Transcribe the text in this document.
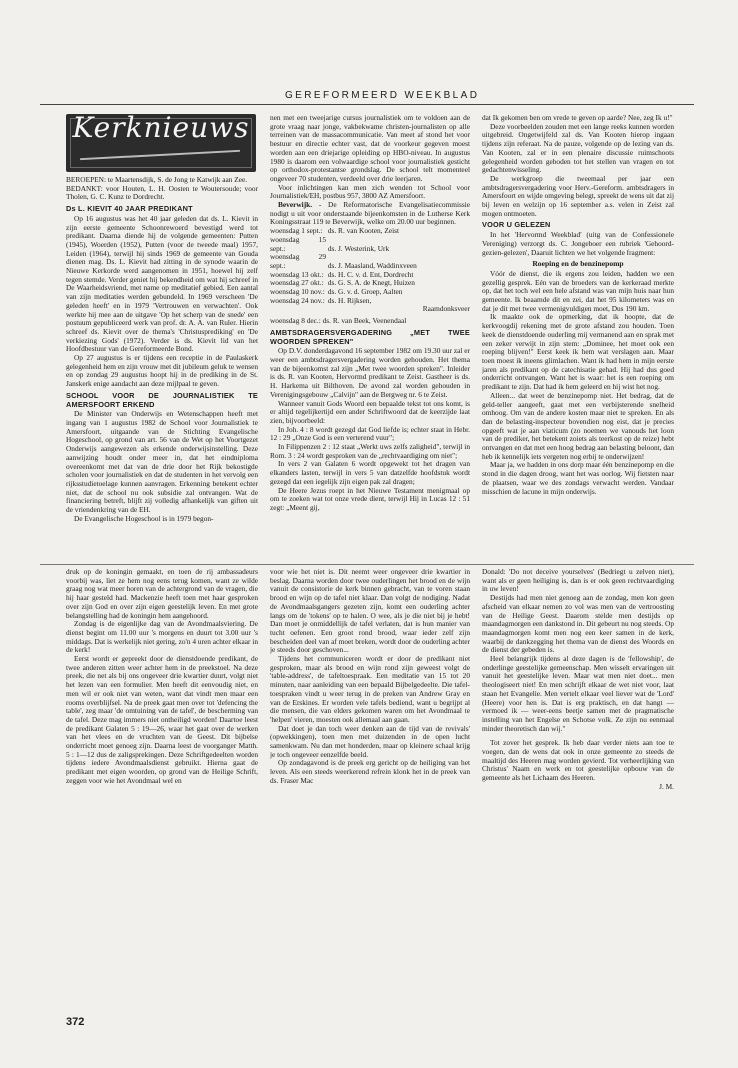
GEREFORMEERD WEEKBLAD
Kerknieuws

BEROEPEN: te Maartensdijk, S. de Jong te Katwijk aan Zee.

BEDANKT: voor Houten, L. H. Oosten te Woutersoude; voor Tholen, G. C. Kunz te Dordrecht.

Ds L. KIEVIT 40 JAAR PREDIKANT

Op 16 augustus was het 40 jaar geleden dat ds. L. Kievit in zijn eerste gemeente Schoonrewoerd bevestigd werd tot predikant. Daarna diende hij de volgende gemeenten: Putten (1945), Woerden (1952), Putten (voor de tweede maal) 1957, Leiden (1964), terwijl hij sinds 1969 de gemeente van Gouda dienen mag. Ds. L. Kievit had zitting in de synode waarin de Nieuwe Kerkorde werd aangenomen in 1951, hoewel hij zelf tegen stemde. Verder geniet hij bekendheid om wat hij schreef in De Waarheidsvriend, met name op meditatief gebied. Een aantal van zijn meditaties werden gebundeld. In 1969 verscheen 'De geleden heeft' en in 1979 'Vertrouwen en verwachten'. Ook werkte hij mee aan de uitgave 'Op het scherp van de snede' een postuum gepubliceerd werk van prof. dr. A. A. van Ruler. Hierin schreef ds. Kievit over de thema's 'Christusprediking' en 'De verkiezing Gods' (1972). Verder is ds. Kievit lid van het Hoofdbestuur van de Gereformeerde Bond.

Op 27 augustus is er tijdens een receptie in de Paulaskerk gelegenheid hem en zijn vrouw met dit jubileum geluk te wensen en op zondag 29 augustus hoopt hij in de prediking in de St. Janskerk enige aandacht aan deze mijlpaal te geven.

SCHOOL VOOR DE JOURNALISTIEK TE AMERSFOORT ERKEND

De Minister van Onderwijs en Wetenschappen heeft met ingang van 1 augustus 1982 de School voor Journalistiek te Amersfoort, uitgaande van de Stichting Evangelische Hogeschool, op grond van art. 56 van de Wet op het Voortgezet Onderwijs aangewezen als erkende onderwijsinstelling. Deze aanwijzing houdt onder meer in, dat het eindniploma overeenkomt met dat van de drie door het Rijk bekostigde scholen voor journalistiek en dat de studenten in het vervolg een rijksstudietoelage kunnen aanvragen. Erkenning betekent echter niet, dat de school nu ook subsidie zal ontvangen. Wat de financiering betreft, blijft zij volledig afhankelijk van giften uit de vriendenkring van de EH.

De Evangelische Hogeschool is in 1979 begon-

nen met een tweejarige cursus journalistiek om te voldoen aan de grote vraag naar jonge, vakbekwame christen-journalisten op alle terreinen van de massacommunicatie. Van meet af stond het voor bestuur en directie echter vast, dat de voorkeur gegeven moest worden aan een driejarige opleiding op HBO-niveau. In augustus 1980 is daarom een volwaardige school voor journalistiek gesticht op orthodox-protestantse grondslag. De school telt momenteel ongeveer 70 studenten, verdeeld over drie leerjaren.

Voor inlichtingen kan men zich wenden tot School voor Journalistiek/EH, postbus 957, 3800 AZ Amersfoort.

Beverwijk. - De Reformatorische Evangelisatiecommissie nodigt u uit voor onderstaande bijeenkomsten in de Lutherse Kerk Koningsstraat 119 te Beverwijk, welke om 20.00 uur beginnen.

woensdag 1 sept.: ds. R. van Kooten, Zeist
woensdag 15 sept.:	ds. J. Westerink, Urk
woensdag 29 sept.:	ds. J. Maasland, Waddinxveen
woensdag 13 okt.: ds. H. C. v. d. Ent, Dordrecht
woensdag 27 okt.: ds. G. S. A. de Knegt, Huizen
woensdag 10 nov.: ds. G. v. d. Groep, Aalten
woensdag 24 nov.: ds. H. Rijksen,
Raamdonksveer
woensdag 8 dec.: ds. R. van Beek, Veenendaal
AMBTSDRAGERSVERGADERING „MET TWEE WOORDEN SPREKEN"

Op D.V. donderdagavond 16 september 1982 om 19.30 uur zal er weer een ambtsdragersvergadering worden gehouden. Het thema van de bijeenkomst zal zijn „Met twee woorden spreken". Inleider is ds. R. van Kooten, Hervormd predikant te Zeist. Gastheer is ds. H. Harkema uit Bilthoven. De avond zal worden gehouden in Verenigingsgebouw „Calvijn" aan de Bergweg nr. 6 te Zeist.

Wanneer vanuit Gods Woord een bepaalde tekst tot ons komt, is er altijd tegelijkertijd een ander Schriftwoord dat de keerzijde laat zien, bijvoorbeeld:

In Joh. 4 : 8 wordt gezegd dat God liefde is; echter staat in Hebr. 12 : 29 „Onze God is een verterend vuur";

In Filippenzen 2 : 12 staat „Werkt uws zelfs zaligheid", terwijl in Rom. 3 : 24 wordt gesproken van de „rechtvaardiging om niet";

In vers 2 van Galaten 6 wordt opgewekt tot het dragen van elkanders lasten, terwijl in vers 5 van datzelfde hoofdstuk wordt gezegd dat een iegelijk zijn eigen pak zal dragen;

De Heere Jezus roept in het Nieuwe Testament menigmaal op om te zoeken wat tot onze vrede dient, terwijl Hij in Lucas 12 : 51 zegt: „Meent gij,

dat Ik gekomen ben om vrede te geven op aarde? Nee, zeg Ik u!"

Deze voorbeelden zouden met een lange reeks kunnen worden uitgebreid. Ongetwijfeld zal ds. Van Kooten hierop ingaan tijdens zijn referaat. Na de pauze, volgende op de lezing van ds. Van Kooten, zal er in een plenaire discussie ruimschoots gelegenheid worden geboden tot het stellen van vragen en tot gedachtenwisseling.

De werkgroep die tweemaal per jaar een ambtsdragersvergadering voor Herv.-Gereform. ambtsdragers in Amersfoort en wijde omgeving belegt, spreekt de wens uit dat zij bij leven en welzijn op 16 september a.s. velen in Zeist zal mogen ontmoeten.

VOOR U GELEZEN

In het 'Hervormd Weekblad' (uitg van de Confessionele Vereniging) verzorgt ds. C. Jongeboer een rubriek 'Gehoord-gezien-gelezen', Daaruit lichten we het volgende fragment:

Roeping en de benzinepomp

Vóór de dienst, die ik ergens zou leiden, hadden we een gezellig gesprek. Eén van de broeders van de kerkeraad merkte op, dat het toch wel een hele afstand was van mijn huis naar hun gemeente. Ik beaamde dit en zei, dat het 95 kilometers was en dat je dit met twee vermenigvuldigen moet, Dus 190 km.

Ik maakte ook de opmerking, dat ik hoopte, dat de kerkvoogdij rekening met de grote afstand zou houden. Toen keek de dienstdoende ouderling mij vermanend aan en sprak met een zeker verwijt in zijn stem: „Dominee, het moet ook een roeping blijven!" Eerst keek ik hem wat verslagen aan. Maar toen moest ik ineens glimlachen. Want ik had hem in mijn eerste jaren als predikant op de catechisatie gehad. Hij had dus goed onderricht ontvangen. Want het is waar: het is een roeping om predikant te zijn. Dat had ik hem geleerd en hij wist het nog.

Alleen... dat weet de benzinepomp niet. Het bedrag, dat de geld-teller aangeeft, gaat met een verbijsterende snelheid omhoog. Om van de andere kosten maar niet te spreken. En als dan de belasting-inspecteur bovendien nog eist, dat je precies opgeeft wat je aan viaticum (zo noemen we vanouds het loon van de prediker, het betekent zoiets als teerkost op de reize) hebt ontvangen en dat met een hoog bedrag aan belasting beloont, dan heb ik kennelijk iets vergeten nog erbij te onderwijzen!

Maar ja, we hadden in ons dorp maar één benzinepomp en die stond in die dagen droog, want het was oorlog. Wij fietsten naar de plaatsen, waar we des zondags verwacht werden. Vandaar misschien de lacune in mijn onderwijs.

druk op de koningin gemaakt, en toen de rij ambassadeurs voorbij was, liet ze hem nog eens terug komen, want ze wilde graag nog wat meer horen van de achtergrond van de vragen, die hij haar gesteld had. Mackenzie heeft toen met haar gesproken over zijn God en over zijn eigen geestelijk leven. En met grote belangstelling had de koningin hem aangehoord.

Zondag is de eigenlijke dag van de Avondmaalsviering. De dienst begint om 11.00 uur 's morgens en duurt tot 3.00 uur 's middags. Dat is werkelijk niet gering, zo'n 4 uren achter elkaar in de kerk!

Eerst wordt er gepreekt door de dienstdoende predikant, de twee anderen zitten weer achter hem in de preekstoel. Na deze preek, die net als bij ons ongeveer drie kwartier duurt, volgt niet het lezen van een formulier. Men heeft dit eenvoudig niet, en men wil er ook niet van weten, want dat vindt men maar een rooms overblijfsel. Na de preek gaat men over tot 'defencing the table', zeg maar 'de omtuining van de tafel', de bescherming van de tafel. Deze mag immers niet ontheiligd worden! Daartoe leest de predikant Galaten 5 : 19—26, waar het gaat over de werken van het vlees en de vruchten van de Geest. Dit bijbelse onderricht moet genoeg zijn. Daarna leest de voorganger Matth. 5 : 1—12 dus de zaligsprekingen. Deze Schriftgedeelten worden tijdens iedere Avondmaalsdienst gebruikt. Hierna gaat de predikant met eigen woorden, op grond van de Heilige Schrift, zeggen voor wie het Avondmaal wel en

voor wie het niet is. Dit neemt weer ongeveer drie kwartier in beslag. Daarna worden door twee ouderlingen het brood en de wijn vanuit de consistorie de kerk binnen gebracht, van te voren staan brood en wijn op de tafel niet klaar. Dan volgt de nodiging. Nadat de Avondmaalsgangers gezeten zijn, komt een ouderling achter langs om de 'tokens' op te halen. O wee, als je die niet bij je hebt! Dan moet je onmiddellijk de tafel verlaten, dat is hun manier van tucht oefenen. Een groot rond brood, waar ieder zelf zijn bescheiden deel van af moet breken, wordt door de ouderling achter je steeds door geschoven...

Tijdens het communiceren wordt er door de predikant niet gesproken, maar als brood en wijn rond zijn geweest volgt de 'table-address', de tafeltoespraak. Een meditatie van 15 tot 20 minuten, naar aanleiding van een bepaald Bijbelgedeelte. Die tafel-toespraken vindt u weer terug in de preken van Andrew Gray en van de Erskines. Er worden vele tafels bediend, want u begrijpt al die mensen, die van elders gekomen waren om het Avondmaal te 'helpen' vieren, moesten ook allemaal aan gaan.

Dat doet je dan toch weer denken aan de tijd van de revivals' (opwekkingen), toen men met duizenden in de open lucht samenkwam. Nu dan met honderden, maar op kleinere schaal krijg je toch ongeveer eenzelfde beeld.

Op zondagavond is de preek erg gericht op de heiliging van het leven. Als een steeds weerkerend refrein klonk het in de preek van ds. Fraser Mac

Donald: 'Do not deceive yourselves' (Bedriegt u zelven niet), want als er geen heiliging is, dan is er ook geen rechtvaardiging in uw leven!

Destijds had men niet genoeg aan de zondag, men kon geen afscheid van elkaar nemen zo vol was men van de vertroosting van de Heilige Geest. Daarom stelde men destijds op maandagmorgen een dankstond in. Dit gebeurt nu nog steeds. Op maandagmorgen komt men nog een keer samen in de kerk, waarbij de dankzegging het thema van de dienst des Woords en de dienst der gebeden is.

Heel belangrijk tijdens al deze dagen is de 'fellowship', de onderlinge geestelijke gemeenschap. Men wisselt ervaringen uit vanuit het geestelijke leven. Maar wat men niet doet... men theologiseert niet! En men schrijft elkaar de wet niet voor, laat staan het Evangelie. Men vertelt elkaar veel liever wat de 'Lord' (Heere) voor hen is. Dat is erg praktisch, en dat hangt — vermoed ik — weer-eens beetje samen met de pragmatische instelling van het Engelse en Schotse volk. Ze zijn nu eenmaal minder theoretisch dan wij."

Tot zover het gesprek. Ik heb daar verder niets aan toe te voegen, dan de wens dat ook in onze gemeente zo steeds de maaltijd des Heeren mag worden gevierd. Tot verheerlijking van Christus' Naam en werk en tot geestelijke opbouw van de gemeente als het Lichaam des Heeren.

J. M.
372
